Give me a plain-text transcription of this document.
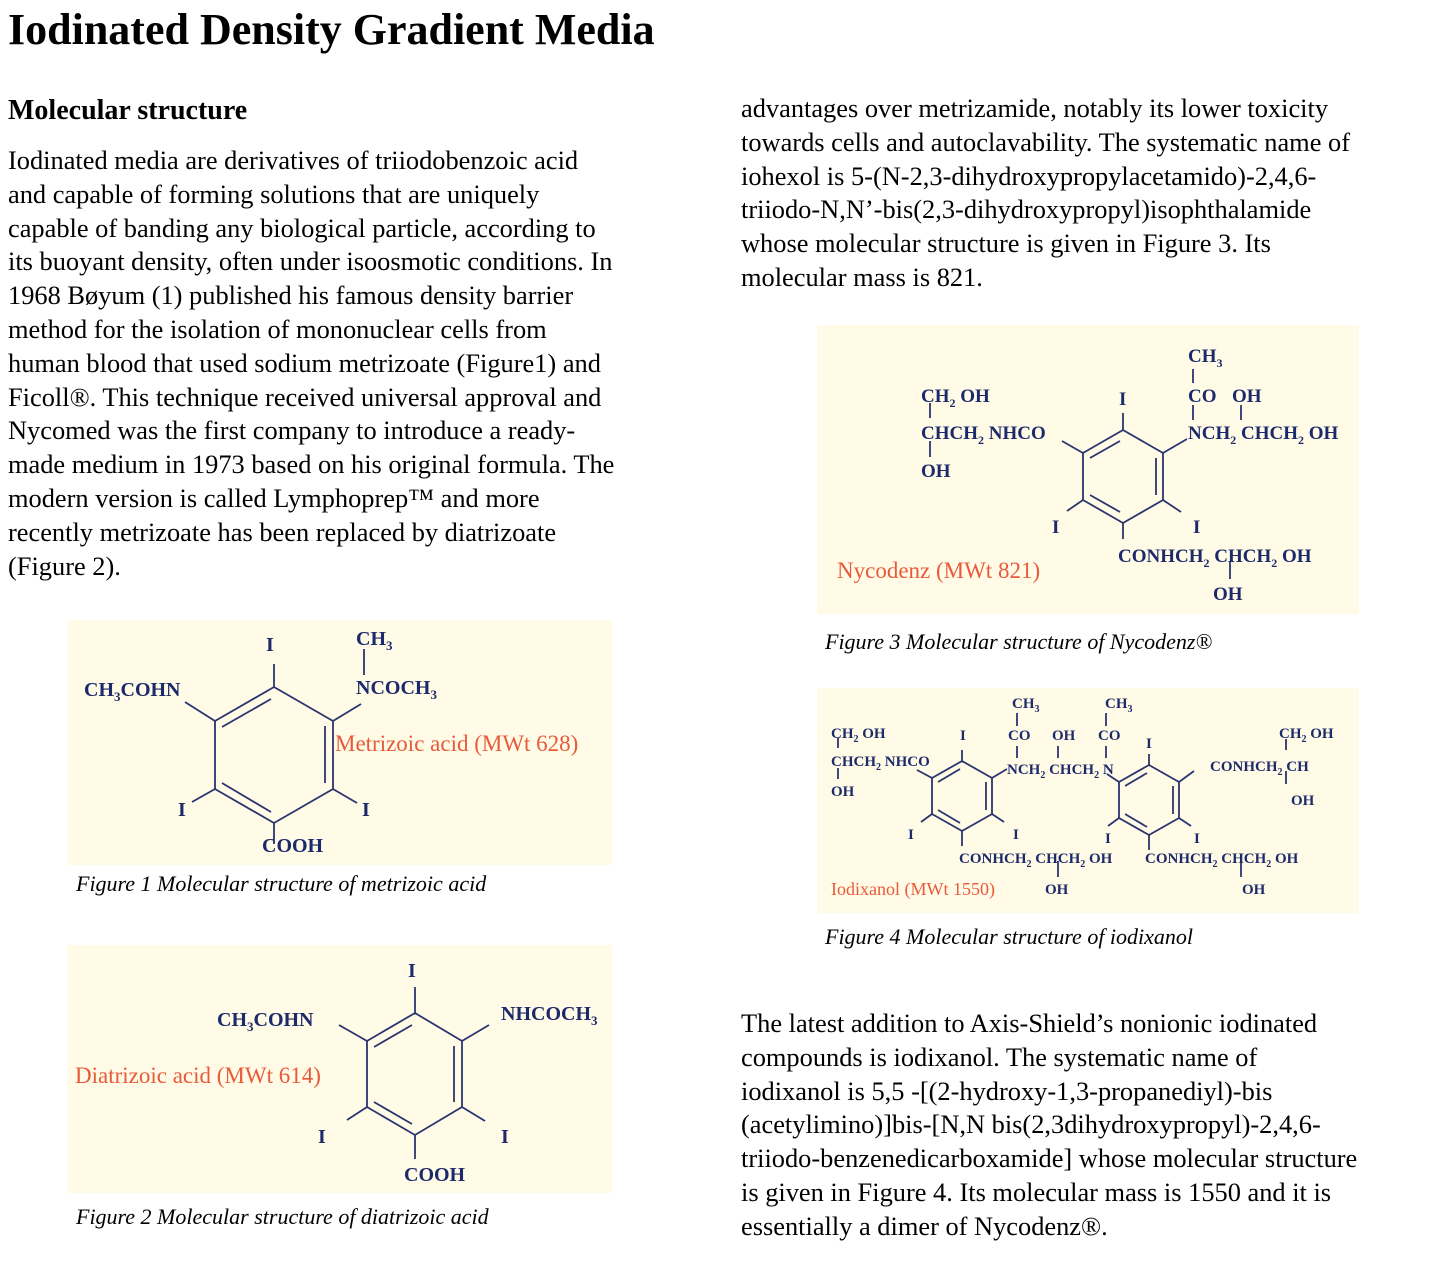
Iodinated Density Gradient Media
Molecular structure
Iodinated media are derivatives of triiodobenzoic acid
and capable of forming solutions that are uniquely
capable of banding any biological particle, according to
its buoyant density, often under isoosmotic conditions. In
1968 Bøyum (1) published his famous density barrier
method for the isolation of mononuclear cells from
human blood that used sodium metrizoate (Figure1) and
Ficoll®. This technique received universal approval and
Nycomed was the first company to introduce a ready-
made medium in 1973 based on his original formula. The
modern version is called Lymphoprep™ and more
recently metrizoate has been replaced by diatrizoate
(Figure 2).
advantages over metrizamide, notably its lower toxicity
towards cells and autoclavability. The systematic name of
iohexol is 5-(N-2,3-dihydroxypropylacetamido)-2,4,6-
triiodo-N,N’-bis(2,3-dihydroxypropyl)isophthalamide
whose molecular structure is given in Figure 3. Its
molecular mass is 821.
The latest addition to Axis-Shield’s nonionic iodinated
compounds is iodixanol. The systematic name of
iodixanol is 5,5 -[(2-hydroxy-1,3-propanediyl)-bis
(acetylimino)]bis-[N,N bis(2,3dihydroxypropyl)-2,4,6-
triiodo-benzenedicarboxamide] whose molecular structure
is given in Figure 4. Its molecular mass is 1550 and it is
essentially a dimer of Nycodenz®.
I	$CH_3$
$CH_3COHN$	$NCOCH_3$
Metrizoic acid (MWt 628)
I	I
COOH
Figure 1 Molecular structure of metrizoic acid
I
$CH_3COHN$	$NHCOCH_3$
Diatrizoic acid (MWt 614)
I	I
COOH
Figure 2 Molecular structure of diatrizoic acid
$CH_3$
$CH_2$ OH	I	CO OH
$CHCH_2$ NHCO	$NCH_2$ $CHCH_2$ OH
OH
I	I
$CONHCH_2$ $CHCH_2$ OH
Nycodenz (MWt 821)
OH
Figure 3 Molecular structure of Nycodenz®
$CH_3$	$CH_3$
$CH_2$ OH	I	CO OH CO I
$CH_2$ OH
$CHCH_2$ NHCO	$NCH_2$ $CHCH_2$ N	$CONHCH_2$ CH
OH
OH
I	I	I	I
$CONHCH_2$ $CHCH_2$ OH $CONHCH_2$ $CHCH_2$ OH
Iodixanol (MWt 1550)	OH	OH
Figure 4 Molecular structure of iodixanol
